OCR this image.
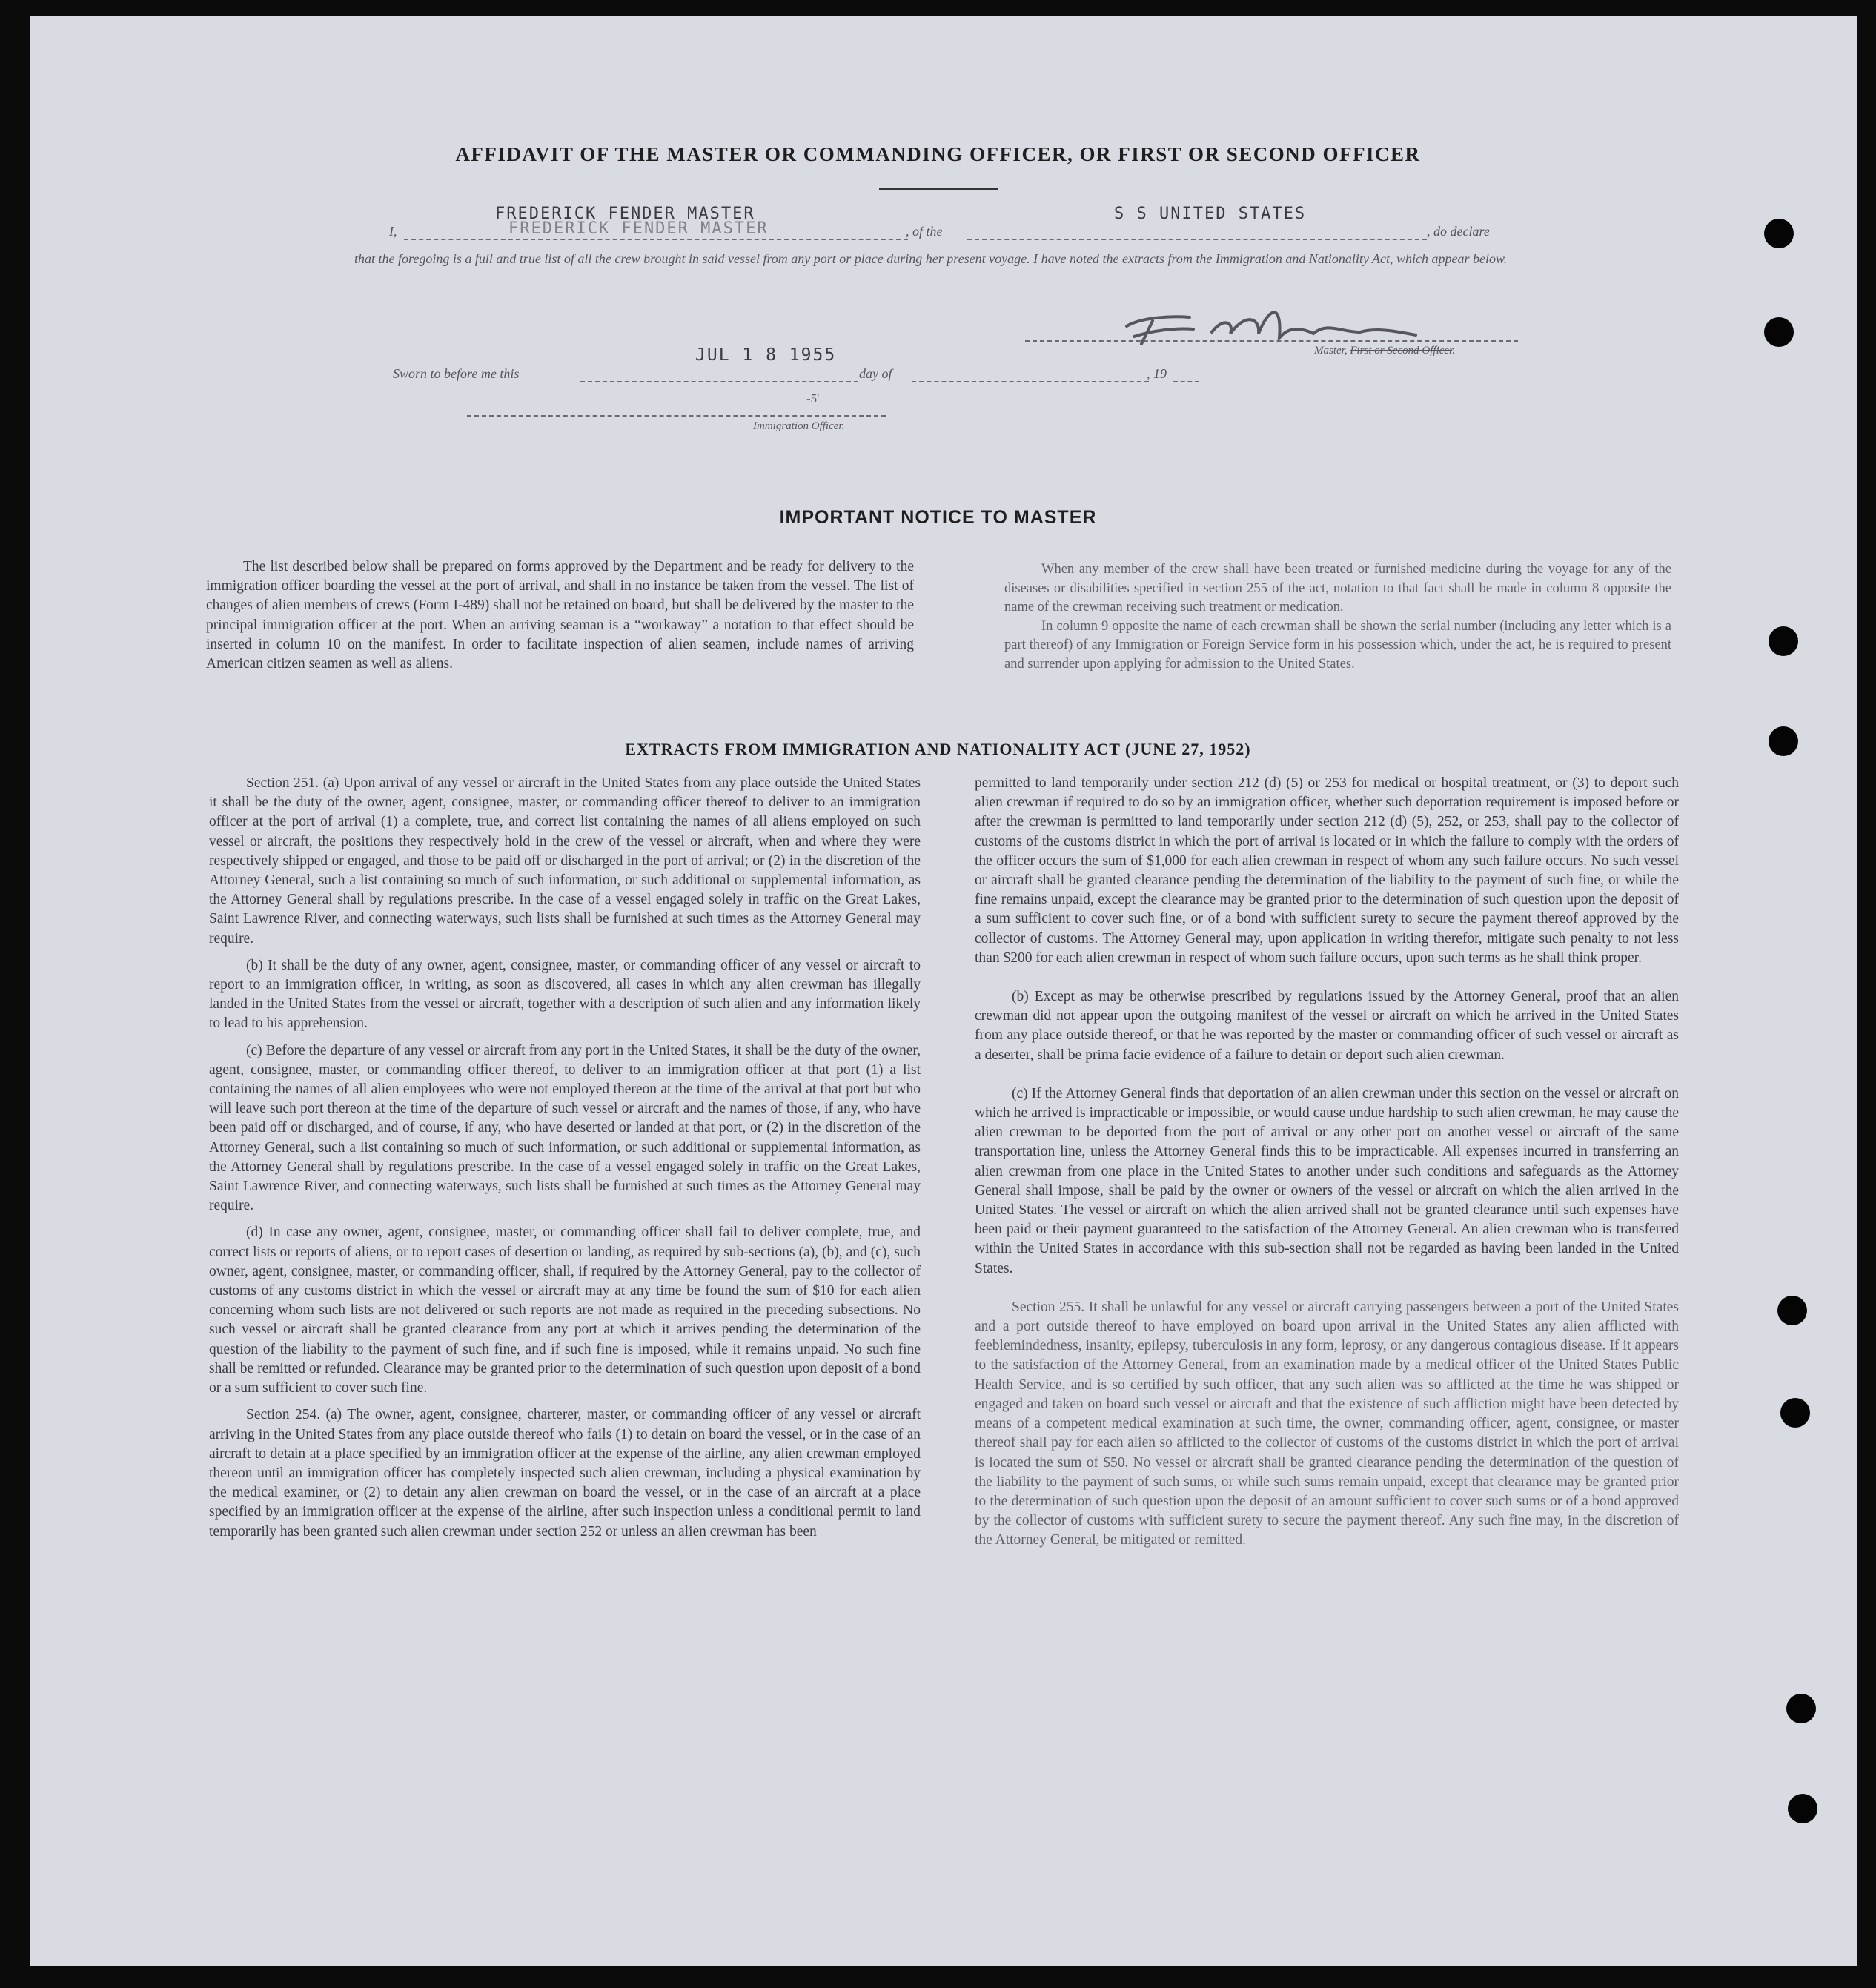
AFFIDAVIT OF THE MASTER OR COMMANDING OFFICER, OR FIRST OR SECOND OFFICER
I,
FREDERICK FENDER MASTER
FREDERICK FENDER MASTER	, of the
S S UNITED STATES
, do declare
that the foregoing is a full and true list of all the crew brought in said vessel from any port or place during her present voyage. I have noted the extracts from the Immigration and Nationality Act, which appear below.
Master, First or Second Officer.
Sworn to before me this
JUL 1 8 1955
day of	, 19
-5'
Immigration Officer.
IMPORTANT NOTICE TO MASTER

The list described below shall be prepared on forms approved by the Department and be ready for delivery to the immigration officer boarding the vessel at the port of arrival, and shall in no instance be taken from the vessel. The list of changes of alien members of crews (Form I-489) shall not be retained on board, but shall be delivered by the master to the principal immigration officer at the port. When an arriving seaman is a “workaway” a notation to that effect should be inserted in column 10 on the manifest. In order to facilitate inspection of alien seamen, include names of arriving American citizen seamen as well as aliens.

When any member of the crew shall have been treated or furnished medicine during the voyage for any of the diseases or disabilities specified in section 255 of the act, notation to that fact shall be made in column 8 opposite the name of the crewman receiving such treatment or medication.

In column 9 opposite the name of each crewman shall be shown the serial number (including any letter which is a part thereof) of any Immigration or Foreign Service form in his possession which, under the act, he is required to present and surrender upon applying for admission to the United States.

EXTRACTS FROM IMMIGRATION AND NATIONALITY ACT (JUNE 27, 1952)

Section 251. (a) Upon arrival of any vessel or aircraft in the United States from any place outside the United States it shall be the duty of the owner, agent, consignee, master, or commanding officer thereof to deliver to an immigration officer at the port of arrival (1) a complete, true, and correct list containing the names of all aliens employed on such vessel or aircraft, the positions they respectively hold in the crew of the vessel or aircraft, when and where they were respectively shipped or engaged, and those to be paid off or discharged in the port of arrival; or (2) in the discretion of the Attorney General, such a list containing so much of such information, or such additional or supplemental information, as the Attorney General shall by regulations prescribe. In the case of a vessel engaged solely in traffic on the Great Lakes, Saint Lawrence River, and connecting waterways, such lists shall be furnished at such times as the Attorney General may require.

(b) It shall be the duty of any owner, agent, consignee, master, or commanding officer of any vessel or aircraft to report to an immigration officer, in writing, as soon as discovered, all cases in which any alien crewman has illegally landed in the United States from the vessel or aircraft, together with a description of such alien and any information likely to lead to his apprehension.

(c) Before the departure of any vessel or aircraft from any port in the United States, it shall be the duty of the owner, agent, consignee, master, or commanding officer thereof, to deliver to an immigration officer at that port (1) a list containing the names of all alien employees who were not employed thereon at the time of the arrival at that port but who will leave such port thereon at the time of the departure of such vessel or aircraft and the names of those, if any, who have been paid off or discharged, and of course, if any, who have deserted or landed at that port, or (2) in the discretion of the Attorney General, such a list containing so much of such information, or such additional or supplemental information, as the Attorney General shall by regulations prescribe. In the case of a vessel engaged solely in traffic on the Great Lakes, Saint Lawrence River, and connecting waterways, such lists shall be furnished at such times as the Attorney General may require.

(d) In case any owner, agent, consignee, master, or commanding officer shall fail to deliver complete, true, and correct lists or reports of aliens, or to report cases of desertion or landing, as required by sub-sections (a), (b), and (c), such owner, agent, consignee, master, or commanding officer, shall, if required by the Attorney General, pay to the collector of customs of any customs district in which the vessel or aircraft may at any time be found the sum of $10 for each alien concerning whom such lists are not delivered or such reports are not made as required in the preceding subsections. No such vessel or aircraft shall be granted clearance from any port at which it arrives pending the determination of the question of the liability to the payment of such fine, and if such fine is imposed, while it remains unpaid. No such fine shall be remitted or refunded. Clearance may be granted prior to the determination of such question upon deposit of a bond or a sum sufficient to cover such fine.

Section 254. (a) The owner, agent, consignee, charterer, master, or commanding officer of any vessel or aircraft arriving in the United States from any place outside thereof who fails (1) to detain on board the vessel, or in the case of an aircraft to detain at a place specified by an immigration officer at the expense of the airline, any alien crewman employed thereon until an immigration officer has completely inspected such alien crewman, including a physical examination by the medical examiner, or (2) to detain any alien crewman on board the vessel, or in the case of an aircraft at a place specified by an immigration officer at the expense of the airline, after such inspection unless a conditional permit to land temporarily has been granted such alien crewman under section 252 or unless an alien crewman has been

permitted to land temporarily under section 212 (d) (5) or 253 for medical or hospital treatment, or (3) to deport such alien crewman if required to do so by an immigration officer, whether such deportation requirement is imposed before or after the crewman is permitted to land temporarily under section 212 (d) (5), 252, or 253, shall pay to the collector of customs of the customs district in which the port of arrival is located or in which the failure to comply with the orders of the officer occurs the sum of $1,000 for each alien crewman in respect of whom any such failure occurs. No such vessel or aircraft shall be granted clearance pending the determination of the liability to the payment of such fine, or while the fine remains unpaid, except the clearance may be granted prior to the determination of such question upon the deposit of a sum sufficient to cover such fine, or of a bond with sufficient surety to secure the payment thereof approved by the collector of customs. The Attorney General may, upon application in writing therefor, mitigate such penalty to not less than $200 for each alien crewman in respect of whom such failure occurs, upon such terms as he shall think proper.

(b) Except as may be otherwise prescribed by regulations issued by the Attorney General, proof that an alien crewman did not appear upon the outgoing manifest of the vessel or aircraft on which he arrived in the United States from any place outside thereof, or that he was reported by the master or commanding officer of such vessel or aircraft as a deserter, shall be prima facie evidence of a failure to detain or deport such alien crewman.

(c) If the Attorney General finds that deportation of an alien crewman under this section on the vessel or aircraft on which he arrived is impracticable or impossible, or would cause undue hardship to such alien crewman, he may cause the alien crewman to be deported from the port of arrival or any other port on another vessel or aircraft of the same transportation line, unless the Attorney General finds this to be impracticable. All expenses incurred in transferring an alien crewman from one place in the United States to another under such conditions and safeguards as the Attorney General shall impose, shall be paid by the owner or owners of the vessel or aircraft on which the alien arrived in the United States. The vessel or aircraft on which the alien arrived shall not be granted clearance until such expenses have been paid or their payment guaranteed to the satisfaction of the Attorney General. An alien crewman who is transferred within the United States in accordance with this sub-section shall not be regarded as having been landed in the United States.

Section 255. It shall be unlawful for any vessel or aircraft carrying passengers between a port of the United States and a port outside thereof to have employed on board upon arrival in the United States any alien afflicted with feeblemindedness, insanity, epilepsy, tuberculosis in any form, leprosy, or any dangerous contagious disease. If it appears to the satisfaction of the Attorney General, from an examination made by a medical officer of the United States Public Health Service, and is so certified by such officer, that any such alien was so afflicted at the time he was shipped or engaged and taken on board such vessel or aircraft and that the existence of such affliction might have been detected by means of a competent medical examination at such time, the owner, commanding officer, agent, consignee, or master thereof shall pay for each alien so afflicted to the collector of customs of the customs district in which the port of arrival is located the sum of $50. No vessel or aircraft shall be granted clearance pending the determination of the question of the liability to the payment of such sums, or while such sums remain unpaid, except that clearance may be granted prior to the determination of such question upon the deposit of an amount sufficient to cover such sums or of a bond approved by the collector of customs with sufficient surety to secure the payment thereof. Any such fine may, in the discretion of the Attorney General, be mitigated or remitted.
